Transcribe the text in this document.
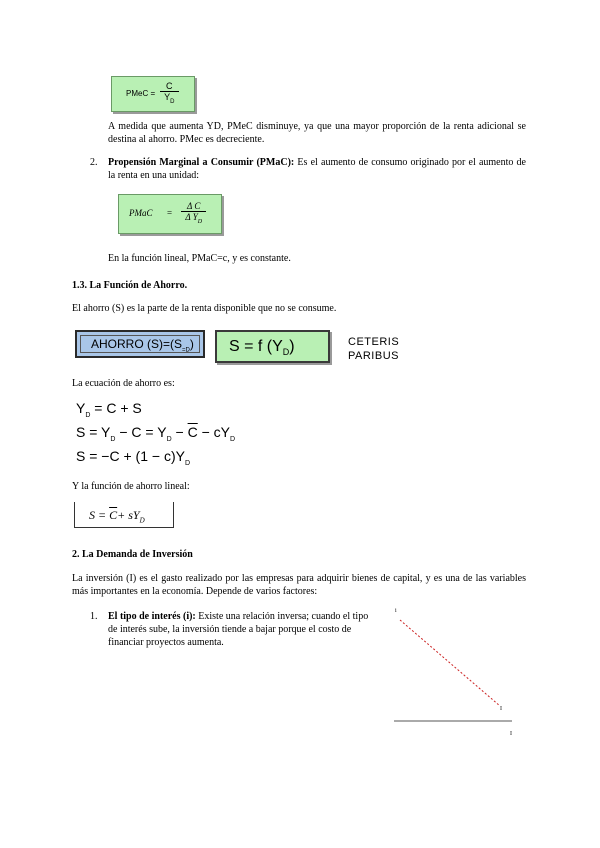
PMeC = $\frac{C}{Y_D}$
A medida que aumenta YD, PMeC disminuye, ya que una mayor proporción de la renta adicional se destina al ahorro. PMec es decreciente.
2. Propensión Marginal a Consumir (PMaC): Es el aumento de consumo originado por el aumento de la renta en una unidad:
PMaC = $\frac{\text{Δ C}}{\Delta Y_D}$
En la función lineal, PMaC=c, y es constante.
1.3. La Función de Ahorro.
El ahorro (S) es la parte de la renta disponible que no se consume.
AHORRO $(S)=(S_{=D})$	S = f $(Y_D)$	CETERIS
PARIBUS
La ecuación de ahorro es:
$Y_D = C + S$
$S = Y_D - C = Y_D - \overline{C} - cY_D$
$S = -C + (1 - c)Y_D$
Y la función de ahorro lineal:
$S = \overline{C}+ sY_D$
2. La Demanda de Inversión
La inversión (I) es el gasto realizado por las empresas para adquirir bienes de capital, y es una de las variables más importantes en la economía. Depende de varios factores:
1. El tipo de interés (i): Existe una relación inversa; cuando el tipo de interés sube, la inversión tiende a bajar porque el costo de financiar proyectos aumenta.
i
I
I
